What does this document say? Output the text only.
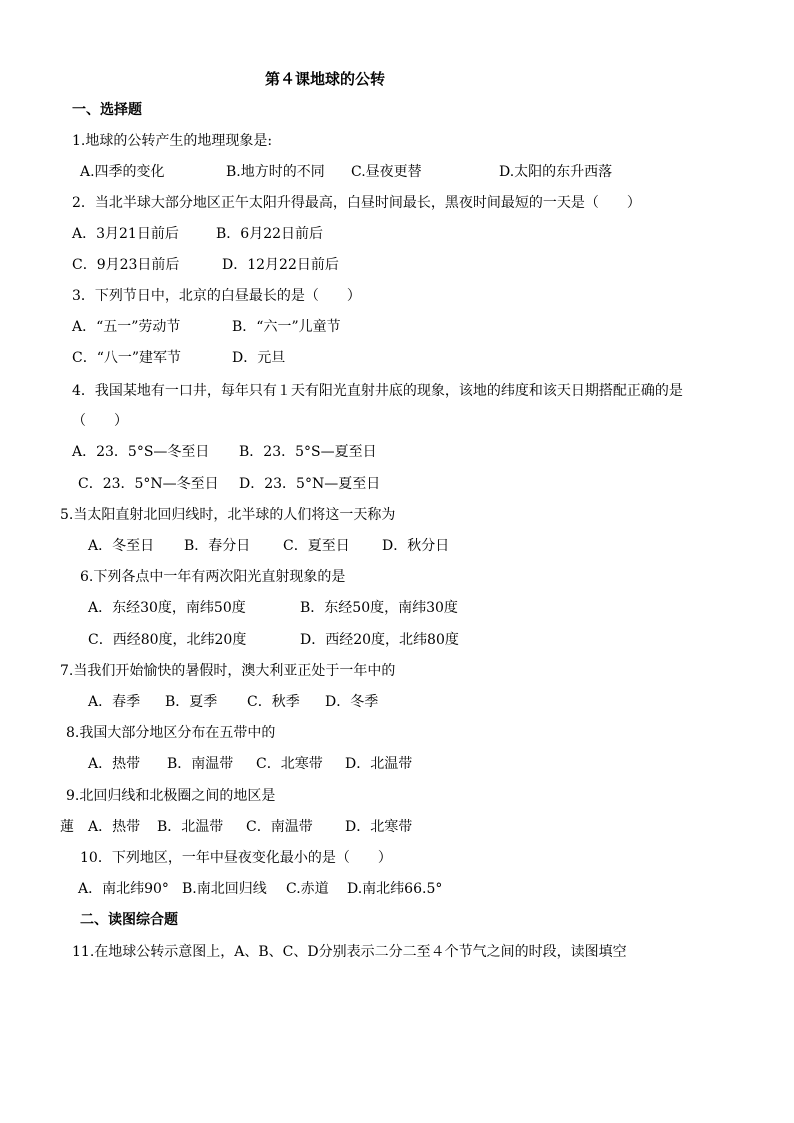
第４课地球的公转
一、选择题
1.地球的公转产生的地理现象是:
A.四季的变化	B.地方时的不同 C.昼夜更替	D.太阳的东升西落
2．当北半球大部分地区正午太阳升得最高，白昼时间最长，黑夜时间最短的一天是（　　）
A．3月21日前后	B．6月22日前后
C．9月23日前后	D．12月22日前后
3．下列节日中，北京的白昼最长的是（　　）
A．“五一”劳动节	B．“六一”儿童节
C．“八一”建军节	D．元旦
4．我国某地有一口井，每年只有１天有阳光直射井底的现象，该地的纬度和该天日期搭配正确的是
（　　）
A．23．5°S—冬至日 B．23．5°S—夏至日
C．23．5°N—冬至日 D．23．5°N—夏至日
5.当太阳直射北回归线时，北半球的人们将这一天称为
A．冬至日 B．春分日 C．夏至日 D．秋分日
6.下列各点中一年有两次阳光直射现象的是
A．东经30度，南纬50度	B．东经50度，南纬30度
C．西经80度，北纬20度	D．西经20度，北纬80度
7.当我们开始愉快的暑假时，澳大利亚正处于一年中的
A．春季 B．夏季 C．秋季 D．冬季
8.我国大部分地区分布在五带中的
A．热带 B．南温带 C．北寒带 D．北温带
9.北回归线和北极圈之间的地区是
蓮 A．热带 B．北温带 C．南温带 D．北寒带
10．下列地区，一年中昼夜变化最小的是（　　）
A．南北纬90° B.南北回归线 C.赤道 D.南北纬66.5°
二、读图综合题
11.在地球公转示意图上，A、B、C、D分别表示二分二至４个节气之间的时段，读图填空
